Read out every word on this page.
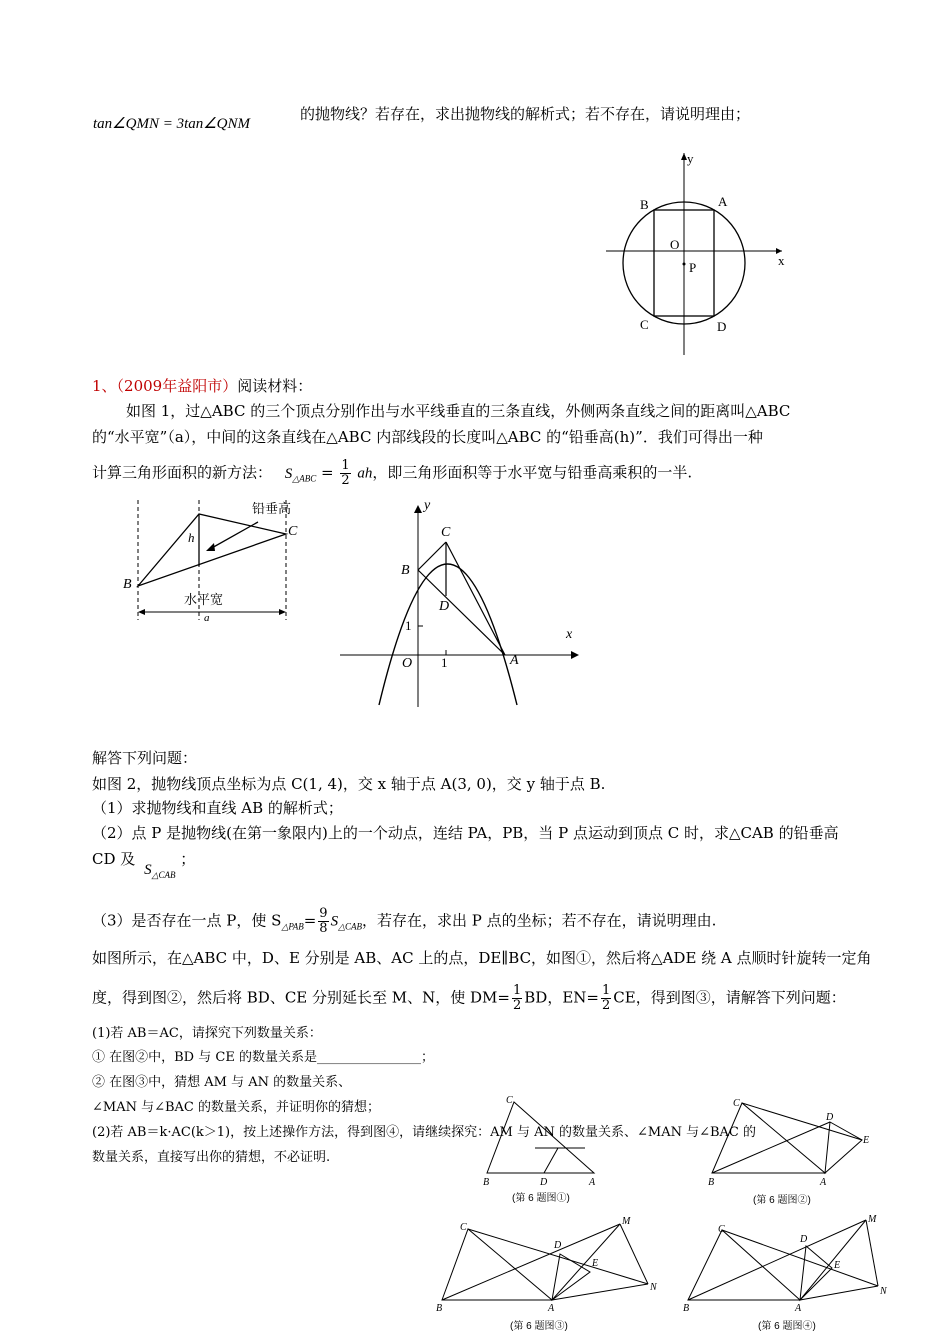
tan∠QMN = 3tan∠QNM
的抛物线？若存在，求出抛物线的解析式；若不存在，请说明理由；
y
x
B	A
O
P
C	D
1、（2009年益阳市）阅读材料：
如图 1，过△ABC 的三个顶点分别作出与水平线垂直的三条直线，外侧两条直线之间的距离叫△ABC
的“水平宽”（a），中间的这条直线在△ABC 内部线段的长度叫△ABC 的“铅垂高(h)”．我们可得出一种
计算三角形面积的新方法： $S_{\triangle ABC} = \frac{1}{2}$ ah，即三角形面积等于水平宽与铅垂高乘积的一半.
铅垂高
C
B
h
水平宽
a
y
x
C
B
D
A
O
1
1
解答下列问题：
如图 2，抛物线顶点坐标为点 C(1, 4)，交 x 轴于点 A(3, 0)，交 y 轴于点 B.
（1）求抛物线和直线 AB 的解析式；
（2）点 P 是抛物线(在第一象限内)上的一个动点，连结 PA，PB，当 P 点运动到顶点 C 时，求△CAB 的铅垂高
CD 及 $S_{\triangle CAB}$ ；
（3）是否存在一点 P，使 $S_{\triangle PAB}= \frac{9}{8} S_{\triangle CAB}$，若存在，求出 P 点的坐标；若不存在，请说明理由.
如图所示，在△ABC 中，D、E 分别是 AB、AC 上的点，DE∥BC，如图①，然后将△ADE 绕 A 点顺时针旋转一定角
度，得到图②，然后将 BD、CE 分别延长至 M、N，使 $DM= \frac{1}{2}$ BD，$EN= \frac{1}{2}$ CE，得到图③，请解答下列问题：
(1)若 AB＝AC，请探究下列数量关系：
① 在图②中，BD 与 CE 的数量关系是________________；
② 在图③中，猜想 AM 与 AN 的数量关系、
∠MAN 与∠BAC 的数量关系，并证明你的猜想；
(2)若 AB＝k·AC(k＞1)，按上述操作方法，得到图④，请继续探究：AM 与 AN 的数量关系、∠MAN 与∠BAC 的
数量关系，直接写出你的猜想，不必证明.
C
B	D	A
(第 6 题图①)
C
D
E
B	A
(第 6 题图②)
C
D
E
M
N
B	A
(第 6 题图③)
C
D
E
M
N
B	A
(第 6 题图④)
